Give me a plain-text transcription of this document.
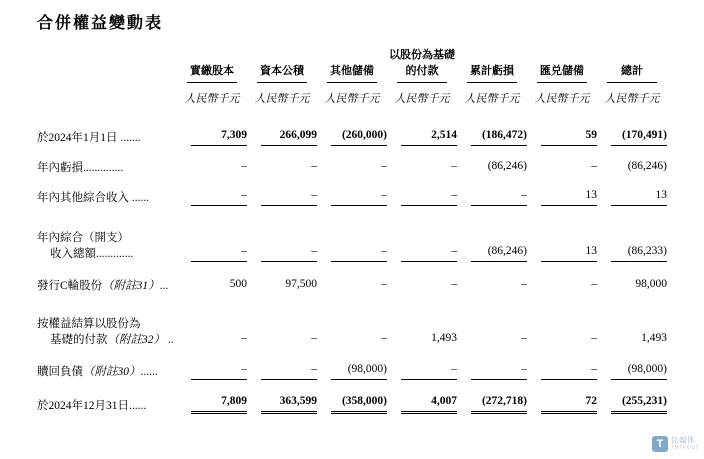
合併權益變動表

	實繳股本	資本公積	其他儲備	以股份為基礎
的付款	累計虧損	匯兑儲備	總計

	人民幣千元	人民幣千元	人民幣千元	人民幣千元	人民幣千元	人民幣千元	人民幣千元

於2024年1月1日 .......	7,309	266,099	(260,000)	2,514	(186,472)	59	(170,491)

年內虧損..............	–	–	–	–	(86,246)	–	(86,246)

年內其他綜合收入 ......	–	–	–	–	–	13	13

年內綜合（開支）
收入總額.............	–	–	–	–	(86,246)	13	(86,233)

發行C輪股份（附註31）...	500	97,500	–	–	–	–	98,000

按權益結算以股份為
基礎的付款（附註32） ..	–	–	–	1,493	–	–	1,493

贖回負債（附註30）......	–	–	(98,000)	–	–	–	(98,000)

於2024年12月31日......	7,809	363,599	(358,000)	4,007	(272,718)	72	(255,231)
T 钛媒体
TMTPOST
